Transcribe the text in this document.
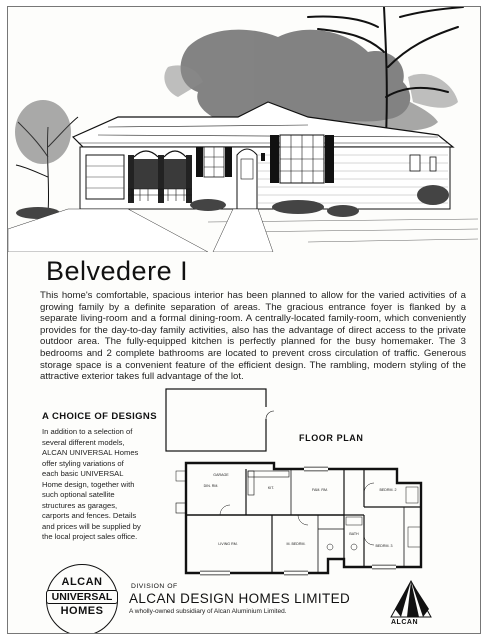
Belvedere I

This home's comfortable, spacious interior has been planned to allow for the varied activities of a growing family by a definite separation of areas. The gracious entrance foyer is flanked by a separate living-room and a formal dining-room. A centrally-located family-room, which conveniently provides for the day-to-day family activities, also has the advantage of direct access to the private outdoor area. The fully-equipped kitchen is perfectly planned for the busy homemaker. The 3 bedrooms and 2 complete bathrooms are located to prevent cross circulation of traffic. Generous storage space is a convenient feature of the efficient design. The rambling, modern styling of the attractive exterior takes full advantage of the lot.

A CHOICE OF DESIGNS

In addition to a selection of several different models, ALCAN UNIVERSAL Homes offer styling variations of each basic UNIVERSAL Home design, together with such optional satellite structures as garages, carports and fences. Details and prices will be supplied by the local project sales office.

FLOOR PLAN
GARAGE
DIN. RM.	KIT.	FAM. RM.	BEDRM. 2
LIVING RM.	M. BEDRM.	BEDRM. 3
BATH
ALCAN
UNIVERSAL
HOMES
DIVISION OF
ALCAN DESIGN HOMES LIMITED
A wholly-owned subsidiary of Alcan Aluminium Limited.
ALCAN
